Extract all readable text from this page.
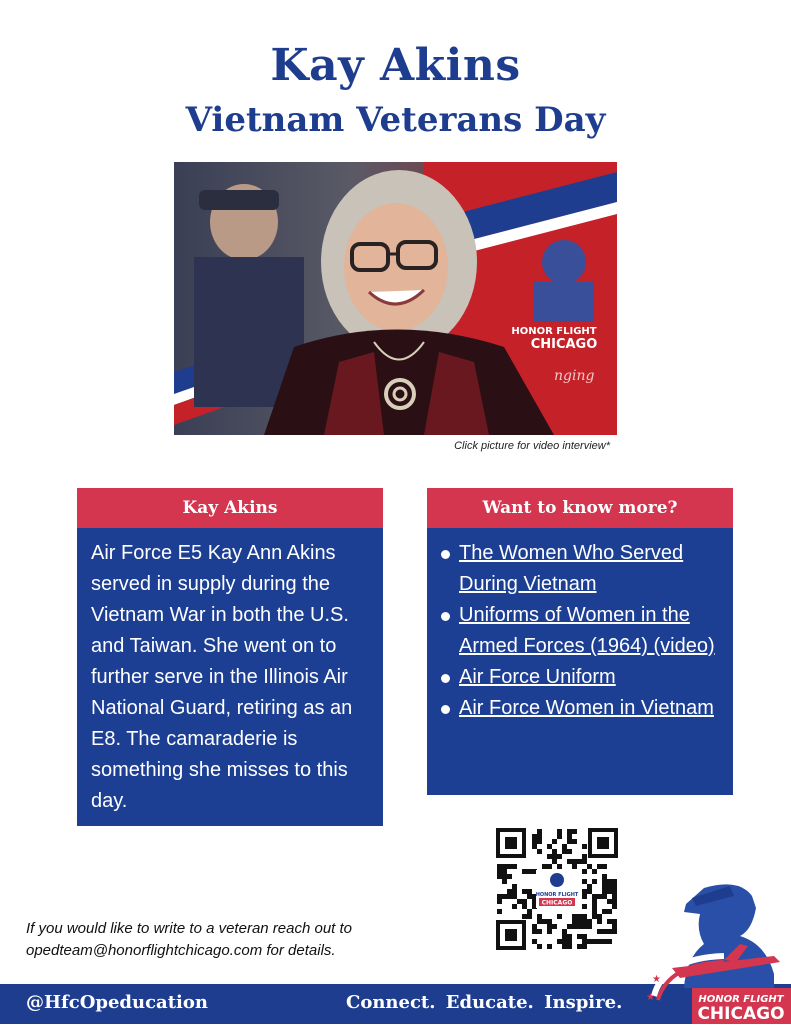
Kay Akins
Vietnam Veterans Day
HONOR FLIGHT
CHICAGO
nging
Click picture for video interview*
Kay Akins
Air Force E5 Kay Ann Akins served in supply during the Vietnam War in both the U.S. and Taiwan. She went on to further serve in the Illinois Air National Guard, retiring as an E8. The camaraderie is something she misses to this day.
Want to know more?
The Women Who Served During Vietnam
Uniforms of Women in the Armed Forces (1964) (video)
Air Force Uniform
Air Force Women in Vietnam
HONOR FLIGHT
CHICAGO
If you would like to write to a veteran reach out to
opedteam@honorflightchicago.com for details.
@HfcOpeducation	Connect. Educate. Inspire.	HONOR FLIGHT
CHICAGO
★
★
